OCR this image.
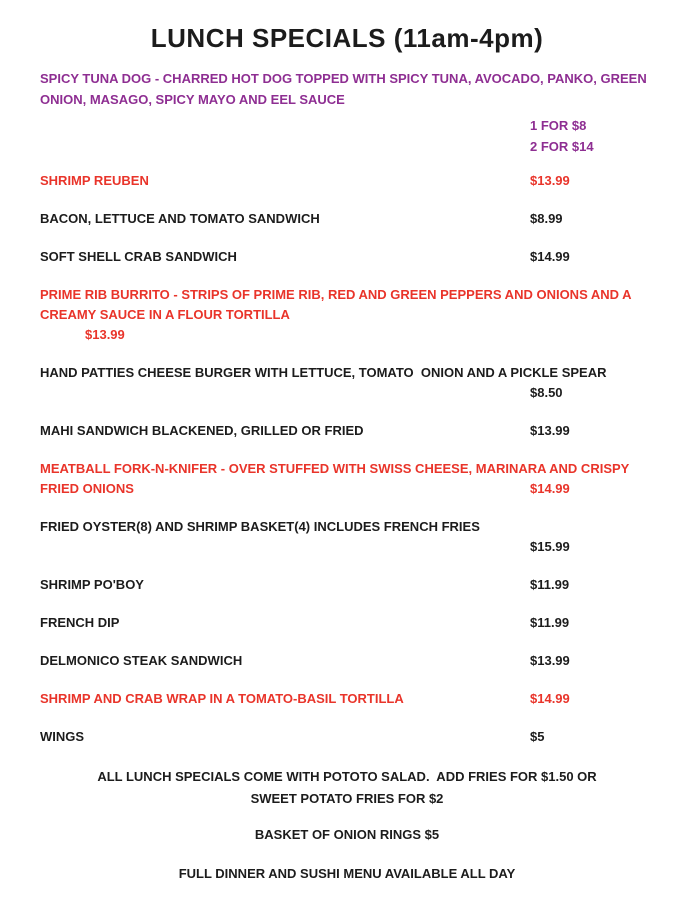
LUNCH SPECIALS (11am-4pm)

SPICY TUNA DOG - CHARRED HOT DOG TOPPED WITH SPICY TUNA, AVOCADO, PANKO, GREEN ONION, MASAGO, SPICY MAYO AND EEL SAUCE

1 FOR $8
2 FOR $14
SHRIMP REUBEN	$13.99
BACON, LETTUCE AND TOMATO SANDWICH	$8.99
SOFT SHELL CRAB SANDWICH	$14.99
PRIME RIB BURRITO - STRIPS OF PRIME RIB, RED AND GREEN PEPPERS AND ONIONS AND A CREAMY SAUCE IN A FLOUR TORTILLA
$13.99
HAND PATTIES CHEESE BURGER WITH LETTUCE, TOMATO  ONION AND A PICKLE SPEAR
$8.50
MAHI SANDWICH BLACKENED, GRILLED OR FRIED	$13.99
MEATBALL FORK-N-KNIFER - OVER STUFFED WITH SWISS CHEESE, MARINARA AND CRISPY FRIED ONIONS	$14.99
FRIED OYSTER(8) AND SHRIMP BASKET(4) INCLUDES FRENCH FRIES
$15.99
SHRIMP PO'BOY	$11.99
FRENCH DIP	$11.99
DELMONICO STEAK SANDWICH	$13.99
SHRIMP AND CRAB WRAP IN A TOMATO-BASIL TORTILLA	$14.99
WINGS	$5

ALL LUNCH SPECIALS COME WITH POTOTO SALAD.  ADD FRIES FOR $1.50 OR
SWEET POTATO FRIES FOR $2

BASKET OF ONION RINGS $5

FULL DINNER AND SUSHI MENU AVAILABLE ALL DAY
